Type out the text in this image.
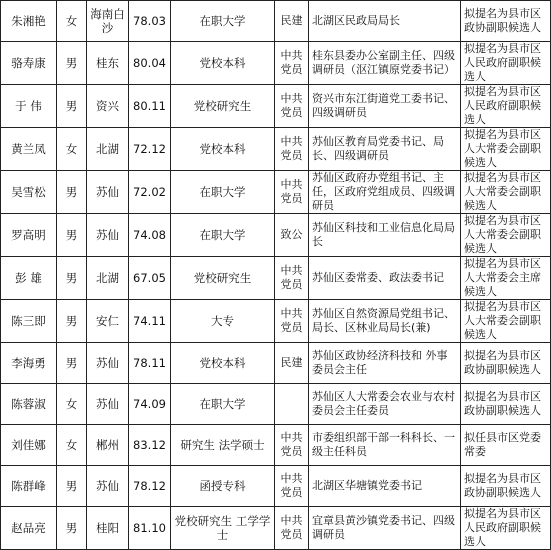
朱湘艳	女	海南白沙	78.03	在职大学	民建	北湖区民政局局长	拟提名为县市区政协副职候选人
骆寿康	男	桂东	80.04	党校本科	中共党员	桂东县委办公室副主任、四级调研员（沤江镇原党委书记）	拟提名为县市区人民政府副职候选人
于 伟	男	资兴	80.11	党校研究生	中共党员	资兴市东江街道党工委书记、四级调研员	拟提名为县市区人民政府副职候选人
黄兰凤	女	北湖	72.12	党校本科	中共党员	苏仙区教育局党委书记、局长、四级调研员	拟提名为县市区人大常委会副职候选人
吴雪松	男	苏仙	72.02	在职大学	中共党员	苏仙区政府办党组书记、主任，区政府党组成员、四级调研员	拟提名为县市区人大常委会副职候选人
罗高明	男	苏仙	74.08	在职大学	致公	苏仙区科技和工业信息化局局长	拟提名为县市区人大常委会副职候选人
彭 雄	男	北湖	67.05	党校研究生	中共党员	苏仙区委常委、政法委书记	拟提名为县市区人大常委会主席候选人
陈三即	男	安仁	74.11	大专	中共党员	苏仙区自然资源局党组书记、局长、区林业局局长(兼)	拟提名为县市区人大常委会副职候选人
李海勇	男	苏仙	78.11	党校本科	民建	苏仙区政协经济科技和 外事委员会主任	拟提名为县市区政协副职候选人
陈蓉淑	女	苏仙	74.09	在职大学		苏仙区人大常委会农业与农村委员会主任委员	拟提名为县市区政协副职候选人
刘佳娜	女	郴州	83.12	研究生 法学硕士	中共党员	市委组织部干部一科科长、一级主任科员	拟任县市区党委常委
陈群峰	男	苏仙	78.12	函授专科	中共党员	北湖区华塘镇党委书记	拟提名为县市区政协副职候选人
赵品亮	男	桂阳	81.10	党校研究生 工学学士	中共党员	宜章县黄沙镇党委书记、四级调研员	拟提名为县市区人民政府副职候选人
